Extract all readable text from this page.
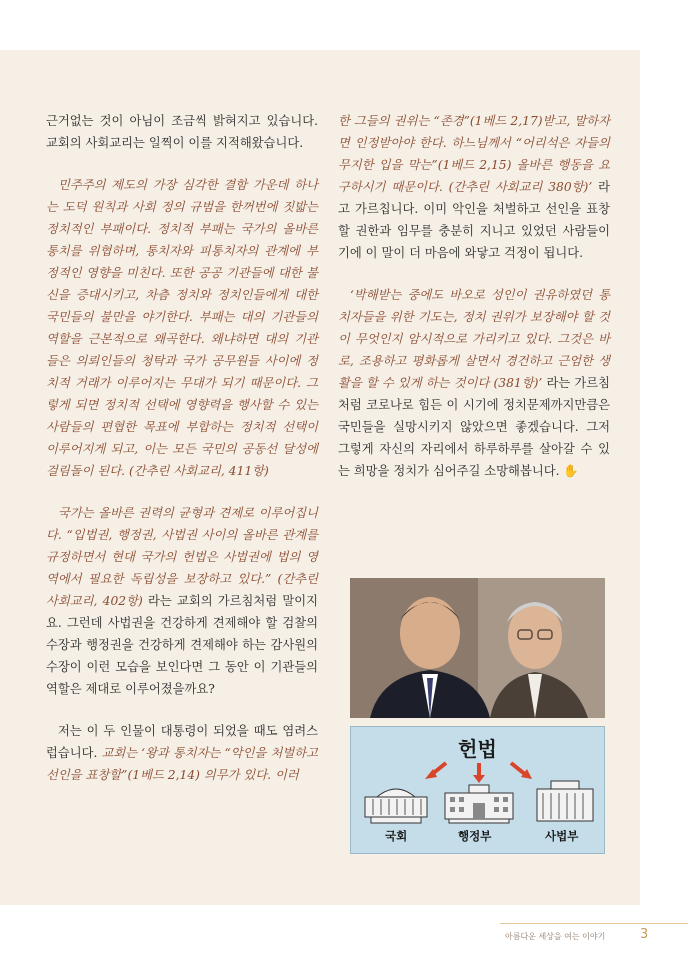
근거없는 것이 아님이 조금씩 밝혀지고 있습니다. 교회의 사회교리는 일찍이 이를 지적해왔습니다.

민주주의 제도의 가장 심각한 결함 가운데 하나는 도덕 원칙과 사회 정의 규범을 한꺼번에 짓밟는 정치적인 부패이다. 정치적 부패는 국가의 올바른 통치를 위협하며, 통치자와 피통치자의 관계에 부정적인 영향을 미친다. 또한 공공 기관들에 대한 불신을 증대시키고, 차츰 정치와 정치인들에게 대한 국민들의 불만을 야기한다. 부패는 대의 기관들의 역할을 근본적으로 왜곡한다. 왜냐하면 대의 기관들은 의뢰인들의 청탁과 국가 공무원들 사이에 정치적 거래가 이루어지는 무대가 되기 때문이다. 그렇게 되면 정치적 선택에 영향력을 행사할 수 있는 사람들의 편협한 목표에 부합하는 정치적 선택이 이루어지게 되고, 이는 모든 국민의 공동선 달성에 걸림돌이 된다. (간추린 사회교리, 411항)

국가는 올바른 권력의 균형과 견제로 이루어집니다. “입법권, 행정권, 사법권 사이의 올바른 관계를 규정하면서 현대 국가의 헌법은 사법권에 법의 영역에서 필요한 독립성을 보장하고 있다.” (간추린 사회교리, 402항) 라는 교회의 가르침처럼 말이지요. 그런데 사법권을 건강하게 견제해야 할 검찰의 수장과 행정권을 건강하게 견제해야 하는 감사원의 수장이 이런 모습을 보인다면 그 동안 이 기관들의 역할은 제대로 이루어졌을까요?

저는 이 두 인물이 대통령이 되었을 때도 염려스럽습니다. 교회는 ‘왕과 통치자는 “악인을 처벌하고 선인을 표창할”(1베드 2,14) 의무가 있다. 이러

한 그들의 권위는 “존경”(1베드 2,17)받고, 말하자면 인정받아야 한다. 하느님께서 “어리석은 자들의 무지한 입을 막는”(1베드 2,15) 올바른 행동을 요구하시기 때문이다. (간추린 사회교리 380항)’ 라고 가르칩니다. 이미 악인을 처벌하고 선인을 표창할 권한과 임무를 충분히 지니고 있었던 사람들이기에 이 말이 더 마음에 와닿고 걱정이 됩니다.

‘박해받는 중에도 바오로 성인이 권유하였던 통치자들을 위한 기도는, 정치 권위가 보장해야 할 것이 무엇인지 암시적으로 가리키고 있다. 그것은 바로, 조용하고 평화롭게 살면서 경건하고 근엄한 생활을 할 수 있게 하는 것이다 (381항)’ 라는 가르침처럼 코로나로 힘든 이 시기에 정치문제까지만큼은 국민들을 실망시키지 않았으면 좋겠습니다. 그저 그렇게 자신의 자리에서 하루하루를 살아갈 수 있는 희망을 정치가 심어주길 소망해봅니다. ✋

헌법
국회	행정부	사법부
아름다운 세상을 여는 이야기	3
